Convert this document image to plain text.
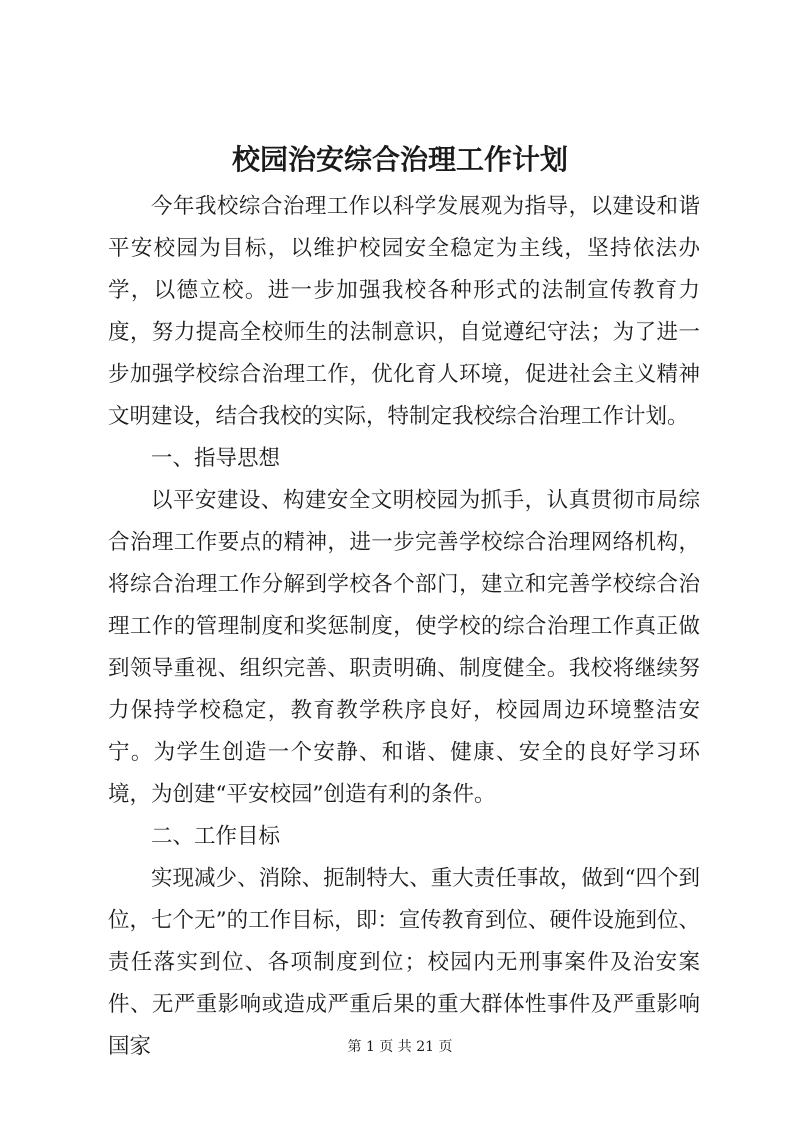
校园治安综合治理工作计划

今年我校综合治理工作以科学发展观为指导，以建设和谐平安校园为目标，以维护校园安全稳定为主线，坚持依法办学，以德立校。进一步加强我校各种形式的法制宣传教育力度，努力提高全校师生的法制意识，自觉遵纪守法；为了进一步加强学校综合治理工作，优化育人环境，促进社会主义精神文明建设，结合我校的实际，特制定我校综合治理工作计划。

一、指导思想

以平安建设、构建安全文明校园为抓手，认真贯彻市局综合治理工作要点的精神，进一步完善学校综合治理网络机构，将综合治理工作分解到学校各个部门，建立和完善学校综合治理工作的管理制度和奖惩制度，使学校的综合治理工作真正做到领导重视、组织完善、职责明确、制度健全。我校将继续努力保持学校稳定，教育教学秩序良好，校园周边环境整洁安宁。为学生创造一个安静、和谐、健康、安全的良好学习环境，为创建“平安校园”创造有利的条件。

二、工作目标

实现减少、消除、扼制特大、重大责任事故，做到“四个到位，七个无”的工作目标，即：宣传教育到位、硬件设施到位、责任落实到位、各项制度到位；校园内无刑事案件及治安案件、无严重影响或造成严重后果的重大群体性事件及严重影响国家	第 1 页 共 21 页
